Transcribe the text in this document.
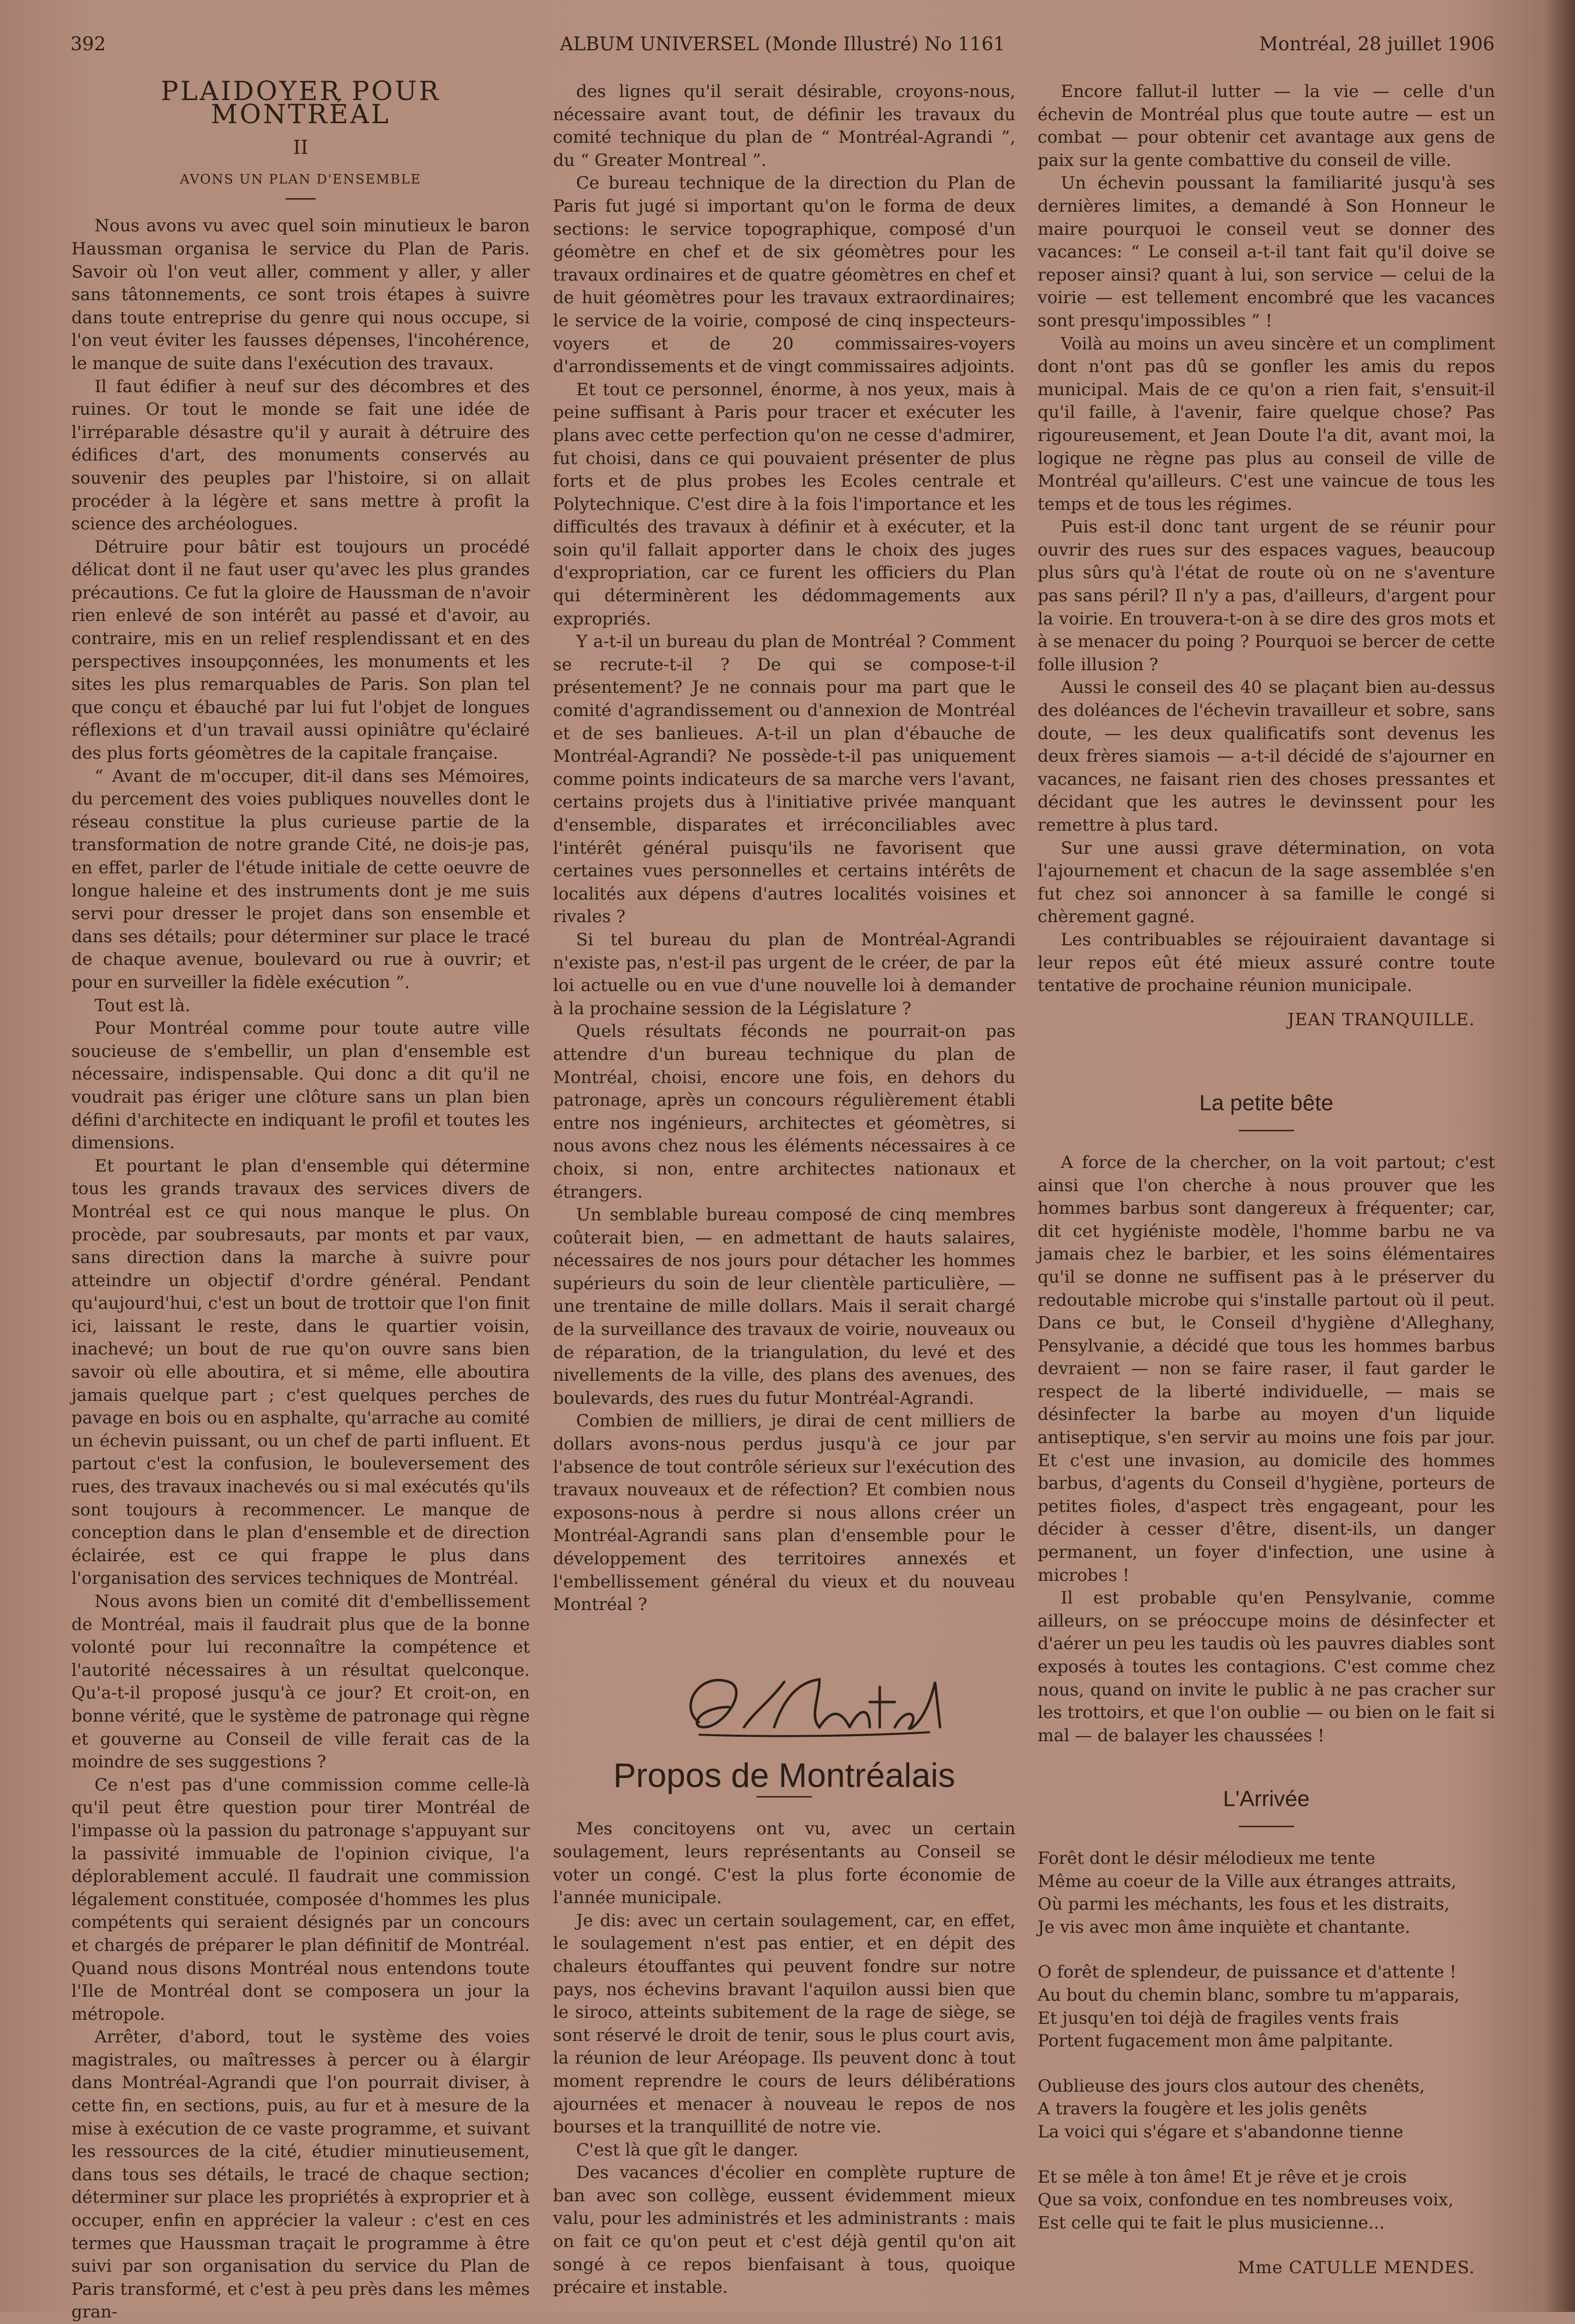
392	ALBUM UNIVERSEL (Monde Illustré) No 1161	Montréal, 28 juillet 1906
PLAIDOYER POUR MONTRÉAL
II
AVONS UN PLAN D'ENSEMBLE

Nous avons vu avec quel soin minutieux le baron Haussman organisa le service du Plan de Paris. Savoir où l'on veut aller, comment y aller, y aller sans tâtonnements, ce sont trois étapes à suivre dans toute entreprise du genre qui nous occupe, si l'on veut éviter les fausses dépenses, l'incohérence, le manque de suite dans l'exécution des travaux.

Il faut édifier à neuf sur des décombres et des ruines. Or tout le monde se fait une idée de l'irréparable désastre qu'il y aurait à détruire des édifices d'art, des monuments conservés au souvenir des peuples par l'histoire, si on allait procéder à la légère et sans mettre à profit la science des archéologues.

Détruire pour bâtir est toujours un procédé délicat dont il ne faut user qu'avec les plus grandes précautions. Ce fut la gloire de Haussman de n'avoir rien enlevé de son intérêt au passé et d'avoir, au contraire, mis en un relief resplendissant et en des perspectives insoupçonnées, les monuments et les sites les plus remarquables de Paris. Son plan tel que conçu et ébauché par lui fut l'objet de longues réflexions et d'un travail aussi opiniâtre qu'éclairé des plus forts géomètres de la capitale française.

“ Avant de m'occuper, dit-il dans ses Mémoires, du percement des voies publiques nouvelles dont le réseau constitue la plus curieuse partie de la transformation de notre grande Cité, ne dois-je pas, en effet, parler de l'étude initiale de cette oeuvre de longue haleine et des instruments dont je me suis servi pour dresser le projet dans son ensemble et dans ses détails; pour déterminer sur place le tracé de chaque avenue, boulevard ou rue à ouvrir; et pour en surveiller la fidèle exécution ”.

Tout est là.

Pour Montréal comme pour toute autre ville soucieuse de s'embellir, un plan d'ensemble est nécessaire, indispensable. Qui donc a dit qu'il ne voudrait pas ériger une clôture sans un plan bien défini d'architecte en indiquant le profil et toutes les dimensions.

Et pourtant le plan d'ensemble qui détermine tous les grands travaux des services divers de Montréal est ce qui nous manque le plus. On procède, par soubresauts, par monts et par vaux, sans direction dans la marche à suivre pour atteindre un objectif d'ordre général. Pendant qu'aujourd'hui, c'est un bout de trottoir que l'on finit ici, laissant le reste, dans le quartier voisin, inachevé; un bout de rue qu'on ouvre sans bien savoir où elle aboutira, et si même, elle aboutira jamais quelque part ; c'est quelques perches de pavage en bois ou en asphalte, qu'arrache au comité un échevin puissant, ou un chef de parti influent. Et partout c'est la confusion, le bouleversement des rues, des travaux inachevés ou si mal exécutés qu'ils sont toujours à recommencer. Le manque de conception dans le plan d'ensemble et de direction éclairée, est ce qui frappe le plus dans l'organisation des services techniques de Montréal.

Nous avons bien un comité dit d'embellissement de Montréal, mais il faudrait plus que de la bonne volonté pour lui reconnaître la compétence et l'autorité nécessaires à un résultat quelconque. Qu'a-t-il proposé jusqu'à ce jour? Et croit-on, en bonne vérité, que le système de patronage qui règne et gouverne au Conseil de ville ferait cas de la moindre de ses suggestions ?

Ce n'est pas d'une commission comme celle-là qu'il peut être question pour tirer Montréal de l'impasse où la passion du patronage s'appuyant sur la passivité immuable de l'opinion civique, l'a déplorablement acculé. Il faudrait une commission légalement constituée, composée d'hommes les plus compétents qui seraient désignés par un concours et chargés de préparer le plan définitif de Montréal. Quand nous disons Montréal nous entendons toute l'Ile de Montréal dont se composera un jour la métropole.

Arrêter, d'abord, tout le système des voies magistrales, ou maîtresses à percer ou à élargir dans Montréal-Agrandi que l'on pourrait diviser, à cette fin, en sections, puis, au fur et à mesure de la mise à exécution de ce vaste programme, et suivant les ressources de la cité, étudier minutieusement, dans tous ses détails, le tracé de chaque section; déterminer sur place les propriétés à exproprier et à occuper, enfin en apprécier la valeur : c'est en ces termes que Haussman traçait le programme à être suivi par son organisation du service du Plan de Paris transformé, et c'est à peu près dans les mêmes gran-

des lignes qu'il serait désirable, croyons-nous, nécessaire avant tout, de définir les travaux du comité technique du plan de “ Montréal-Agrandi ”, du “ Greater Montreal ”.

Ce bureau technique de la direction du Plan de Paris fut jugé si important qu'on le forma de deux sections: le service topographique, composé d'un géomètre en chef et de six géomètres pour les travaux ordinaires et de quatre géomètres en chef et de huit géomètres pour les travaux extraordinaires; le service de la voirie, composé de cinq inspecteurs-voyers et de 20 commissaires-voyers d'arrondissements et de vingt commissaires adjoints.

Et tout ce personnel, énorme, à nos yeux, mais à peine suffisant à Paris pour tracer et exécuter les plans avec cette perfection qu'on ne cesse d'admirer, fut choisi, dans ce qui pouvaient présenter de plus forts et de plus probes les Ecoles centrale et Polytechnique. C'est dire à la fois l'importance et les difficultés des travaux à définir et à exécuter, et la soin qu'il fallait apporter dans le choix des juges d'expropriation, car ce furent les officiers du Plan qui déterminèrent les dédommagements aux expropriés.

Y a-t-il un bureau du plan de Montréal ? Comment se recrute-t-il ? De qui se compose-t-il présentement? Je ne connais pour ma part que le comité d'agrandissement ou d'annexion de Montréal et de ses banlieues. A-t-il un plan d'ébauche de Montréal-Agrandi? Ne possède-t-il pas uniquement comme points indicateurs de sa marche vers l'avant, certains projets dus à l'initiative privée manquant d'ensemble, disparates et irréconciliables avec l'intérêt général puisqu'ils ne favorisent que certaines vues personnelles et certains intérêts de localités aux dépens d'autres localités voisines et rivales ?

Si tel bureau du plan de Montréal-Agrandi n'existe pas, n'est-il pas urgent de le créer, de par la loi actuelle ou en vue d'une nouvelle loi à demander à la prochaine session de la Législature ?

Quels résultats féconds ne pourrait-on pas attendre d'un bureau technique du plan de Montréal, choisi, encore une fois, en dehors du patronage, après un concours régulièrement établi entre nos ingénieurs, architectes et géomètres, si nous avons chez nous les éléments nécessaires à ce choix, si non, entre architectes nationaux et étrangers.

Un semblable bureau composé de cinq membres coûterait bien, — en admettant de hauts salaires, nécessaires de nos jours pour détacher les hommes supérieurs du soin de leur clientèle particulière, — une trentaine de mille dollars. Mais il serait chargé de la surveillance des travaux de voirie, nouveaux ou de réparation, de la triangulation, du levé et des nivellements de la ville, des plans des avenues, des boulevards, des rues du futur Montréal-Agrandi.

Combien de milliers, je dirai de cent milliers de dollars avons-nous perdus jusqu'à ce jour par l'absence de tout contrôle sérieux sur l'exécution des travaux nouveaux et de réfection? Et combien nous exposons-nous à perdre si nous allons créer un Montréal-Agrandi sans plan d'ensemble pour le développement des territoires annexés et l'embellissement général du vieux et du nouveau Montréal ?

Propos de Montréalais

Mes concitoyens ont vu, avec un certain soulagement, leurs représentants au Conseil se voter un congé. C'est la plus forte économie de l'année municipale.

Je dis: avec un certain soulagement, car, en effet, le soulagement n'est pas entier, et en dépit des chaleurs étouffantes qui peuvent fondre sur notre pays, nos échevins bravant l'aquilon aussi bien que le siroco, atteints subitement de la rage de siège, se sont réservé le droit de tenir, sous le plus court avis, la réunion de leur Aréopage. Ils peuvent donc à tout moment reprendre le cours de leurs délibérations ajournées et menacer à nouveau le repos de nos bourses et la tranquillité de notre vie.

C'est là que gît le danger.

Des vacances d'écolier en complète rupture de ban avec son collège, eussent évidemment mieux valu, pour les administrés et les administrants : mais on fait ce qu'on peut et c'est déjà gentil qu'on ait songé à ce repos bienfaisant à tous, quoique précaire et instable.

Encore fallut-il lutter — la vie — celle d'un échevin de Montréal plus que toute autre — est un combat — pour obtenir cet avantage aux gens de paix sur la gente combattive du conseil de ville.

Un échevin poussant la familiarité jusqu'à ses dernières limites, a demandé à Son Honneur le maire pourquoi le conseil veut se donner des vacances: “ Le conseil a-t-il tant fait qu'il doive se reposer ainsi? quant à lui, son service — celui de la voirie — est tellement encombré que les vacances sont presqu'impossibles ” !

Voilà au moins un aveu sincère et un compliment dont n'ont pas dû se gonfler les amis du repos municipal. Mais de ce qu'on a rien fait, s'ensuit-il qu'il faille, à l'avenir, faire quelque chose? Pas rigoureusement, et Jean Doute l'a dit, avant moi, la logique ne règne pas plus au conseil de ville de Montréal qu'ailleurs. C'est une vaincue de tous les temps et de tous les régimes.

Puis est-il donc tant urgent de se réunir pour ouvrir des rues sur des espaces vagues, beaucoup plus sûrs qu'à l'état de route où on ne s'aventure pas sans péril? Il n'y a pas, d'ailleurs, d'argent pour la voirie. En trouvera-t-on à se dire des gros mots et à se menacer du poing ? Pourquoi se bercer de cette folle illusion ?

Aussi le conseil des 40 se plaçant bien au-dessus des doléances de l'échevin travailleur et sobre, sans doute, — les deux qualificatifs sont devenus les deux frères siamois — a-t-il décidé de s'ajourner en vacances, ne faisant rien des choses pressantes et décidant que les autres le devinssent pour les remettre à plus tard.

Sur une aussi grave détermination, on vota l'ajournement et chacun de la sage assemblée s'en fut chez soi annoncer à sa famille le congé si chèrement gagné.

Les contribuables se réjouiraient davantage si leur repos eût été mieux assuré contre toute tentative de prochaine réunion municipale.

JEAN TRANQUILLE.
La petite bête

A force de la chercher, on la voit partout; c'est ainsi que l'on cherche à nous prouver que les hommes barbus sont dangereux à fréquenter; car, dit cet hygiéniste modèle, l'homme barbu ne va jamais chez le barbier, et les soins élémentaires qu'il se donne ne suffisent pas à le préserver du redoutable microbe qui s'installe partout où il peut. Dans ce but, le Conseil d'hygiène d'Alleghany, Pensylvanie, a décidé que tous les hommes barbus devraient — non se faire raser, il faut garder le respect de la liberté individuelle, — mais se désinfecter la barbe au moyen d'un liquide antiseptique, s'en servir au moins une fois par jour. Et c'est une invasion, au domicile des hommes barbus, d'agents du Conseil d'hygiène, porteurs de petites fioles, d'aspect très engageant, pour les décider à cesser d'être, disent-ils, un danger permanent, un foyer d'infection, une usine à microbes !

Il est probable qu'en Pensylvanie, comme ailleurs, on se préoccupe moins de désinfecter et d'aérer un peu les taudis où les pauvres diables sont exposés à toutes les contagions. C'est comme chez nous, quand on invite le public à ne pas cracher sur les trottoirs, et que l'on oublie — ou bien on le fait si mal — de balayer les chaussées !

L'Arrivée

Forêt dont le désir mélodieux me tente

Même au coeur de la Ville aux étranges attraits,

Où parmi les méchants, les fous et les distraits,

Je vis avec mon âme inquiète et chantante.

O forêt de splendeur, de puissance et d'attente !

Au bout du chemin blanc, sombre tu m'apparais,

Et jusqu'en toi déjà de fragiles vents frais

Portent fugacement mon âme palpitante.

Oublieuse des jours clos autour des chenêts,

A travers la fougère et les jolis genêts

La voici qui s'égare et s'abandonne tienne

Et se mêle à ton âme! Et je rêve et je crois

Que sa voix, confondue en tes nombreuses voix,

Est celle qui te fait le plus musicienne...

Mme CATULLE MENDES.
